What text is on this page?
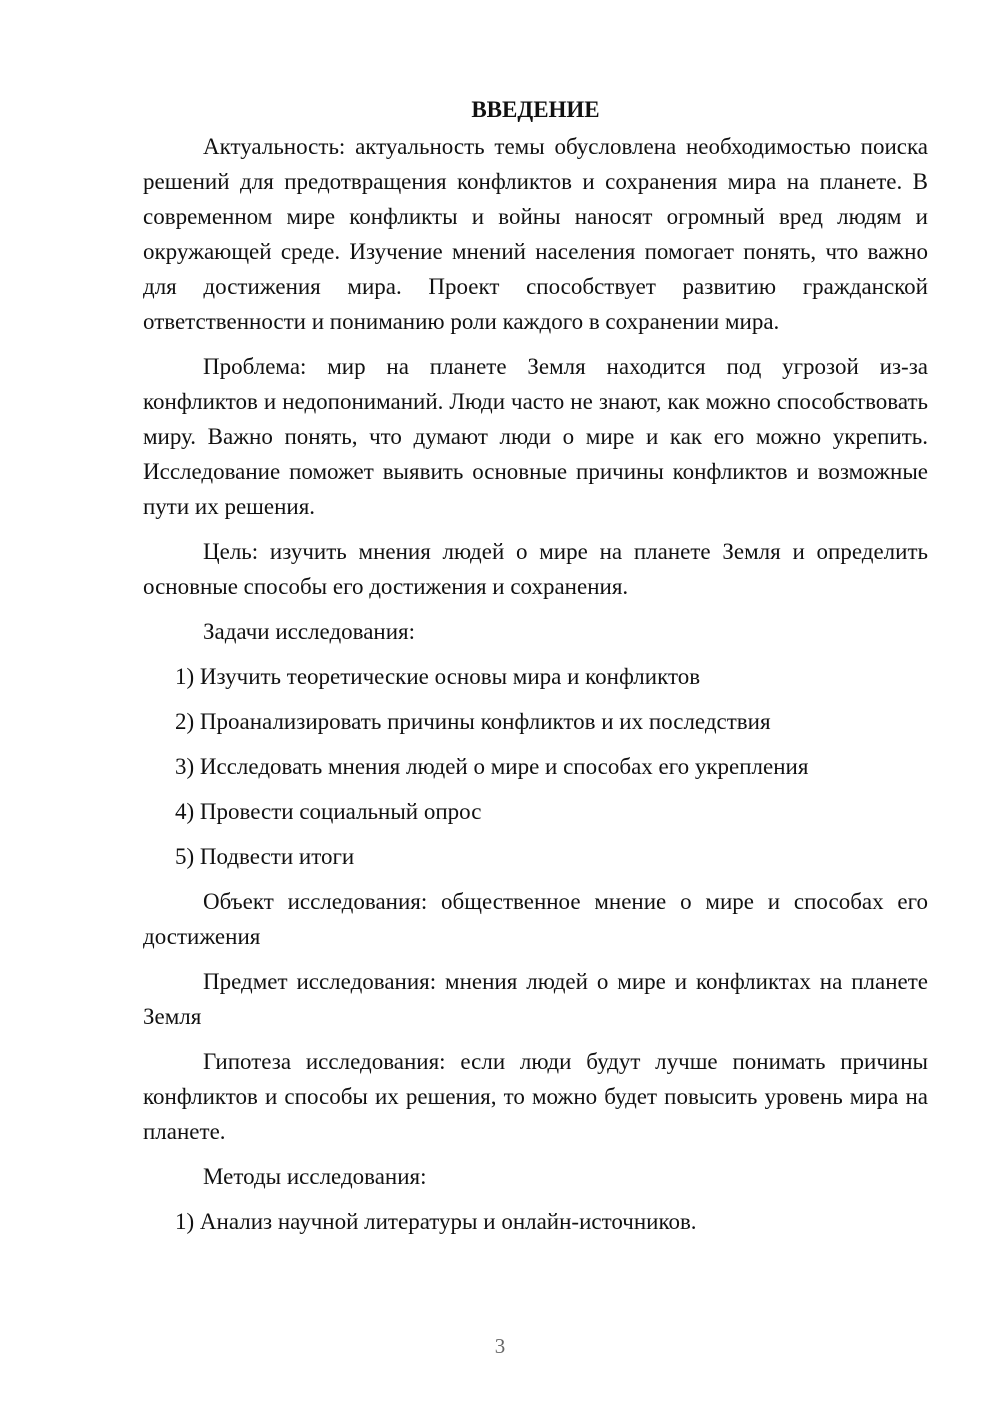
ВВЕДЕНИЕ

Актуальность: актуальность темы обусловлена необходимостью поиска решений для предотвращения конфликтов и сохранения мира на планете. В современном мире конфликты и войны наносят огромный вред людям и окружающей среде. Изучение мнений населения помогает понять, что важно для достижения мира. Проект способствует развитию гражданской ответственности и пониманию роли каждого в сохранении мира.

Проблема: мир на планете Земля находится под угрозой из-за конфликтов и недопониманий. Люди часто не знают, как можно способствовать миру. Важно понять, что думают люди о мире и как его можно укрепить. Исследование поможет выявить основные причины конфликтов и возможные пути их решения.

Цель: изучить мнения людей о мире на планете Земля и определить основные способы его достижения и сохранения.

Задачи исследования:

1) Изучить теоретические основы мира и конфликтов

2) Проанализировать причины конфликтов и их последствия

3) Исследовать мнения людей о мире и способах его укрепления

4) Провести социальный опрос

5) Подвести итоги

Объект исследования: общественное мнение о мире и способах его достижения

Предмет исследования: мнения людей о мире и конфликтах на планете Земля

Гипотеза исследования: если люди будут лучше понимать причины конфликтов и способы их решения, то можно будет повысить уровень мира на планете.

Методы исследования:

1) Анализ научной литературы и онлайн-источников.

3
